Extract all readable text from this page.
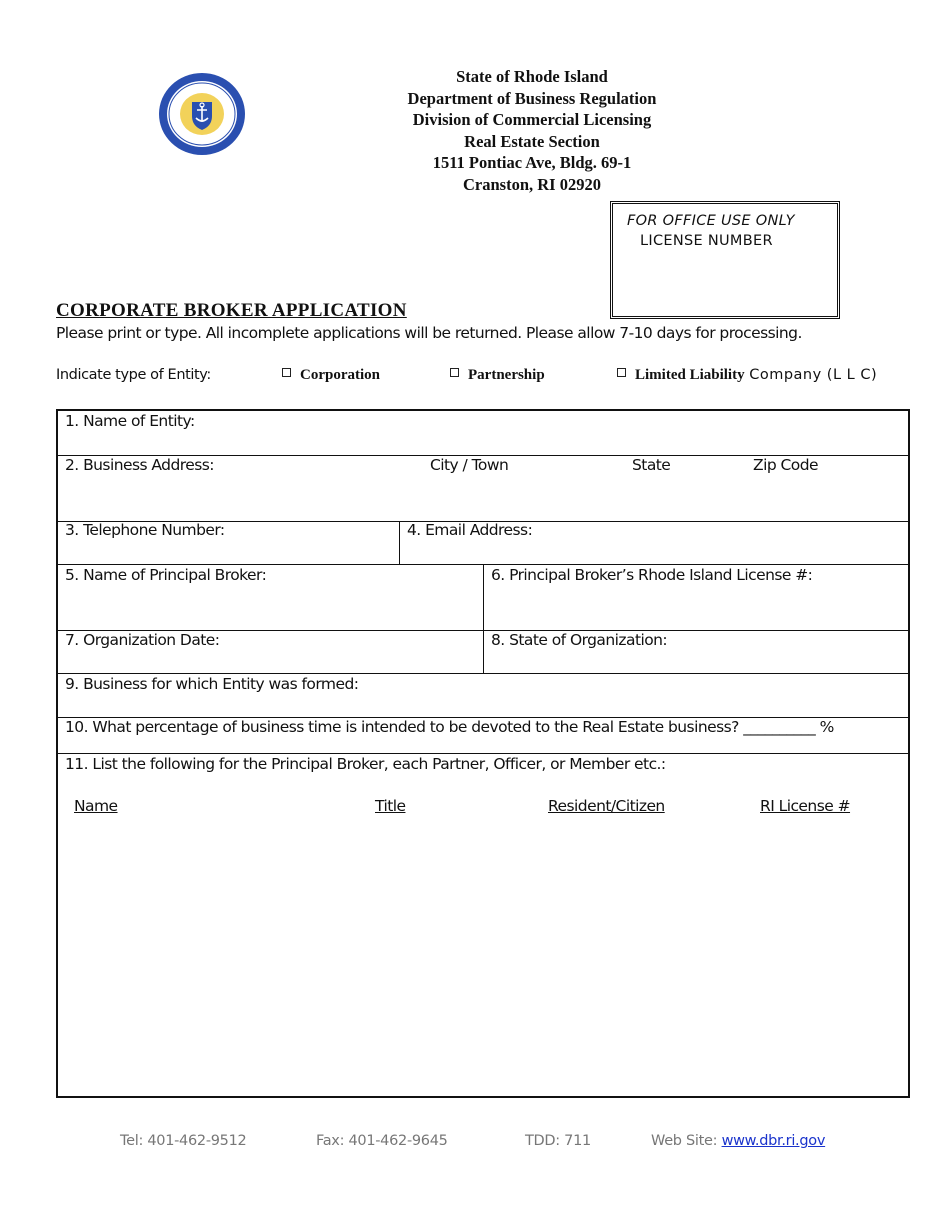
State of Rhode Island
Department of Business Regulation
Division of Commercial Licensing
Real Estate Section
1511 Pontiac Ave, Bldg. 69-1
Cranston, RI 02920
FOR OFFICE USE ONLY
LICENSE NUMBER
CORPORATE BROKER APPLICATION
Please print or type. All incomplete applications will be returned. Please allow 7-10 days for processing.
Indicate type of Entity:	Corporation	Partnership	Limited Liability Company (L L C)
1. Name of Entity:
2. Business Address:	City / Town	State	Zip Code
3. Telephone Number:	4. Email Address:
5. Name of Principal Broker:	6. Principal Broker’s Rhode Island License #:
7. Organization Date:	8. State of Organization:
9. Business for which Entity was formed:
10. What percentage of business time is intended to be devoted to the Real Estate business? __________ %
11. List the following for the Principal Broker, each Partner, Officer, or Member etc.:
Name	Title	Resident/Citizen	RI License #
Tel: 401-462-9512	Fax: 401-462-9645	TDD: 711	Web Site: www.dbr.ri.gov
